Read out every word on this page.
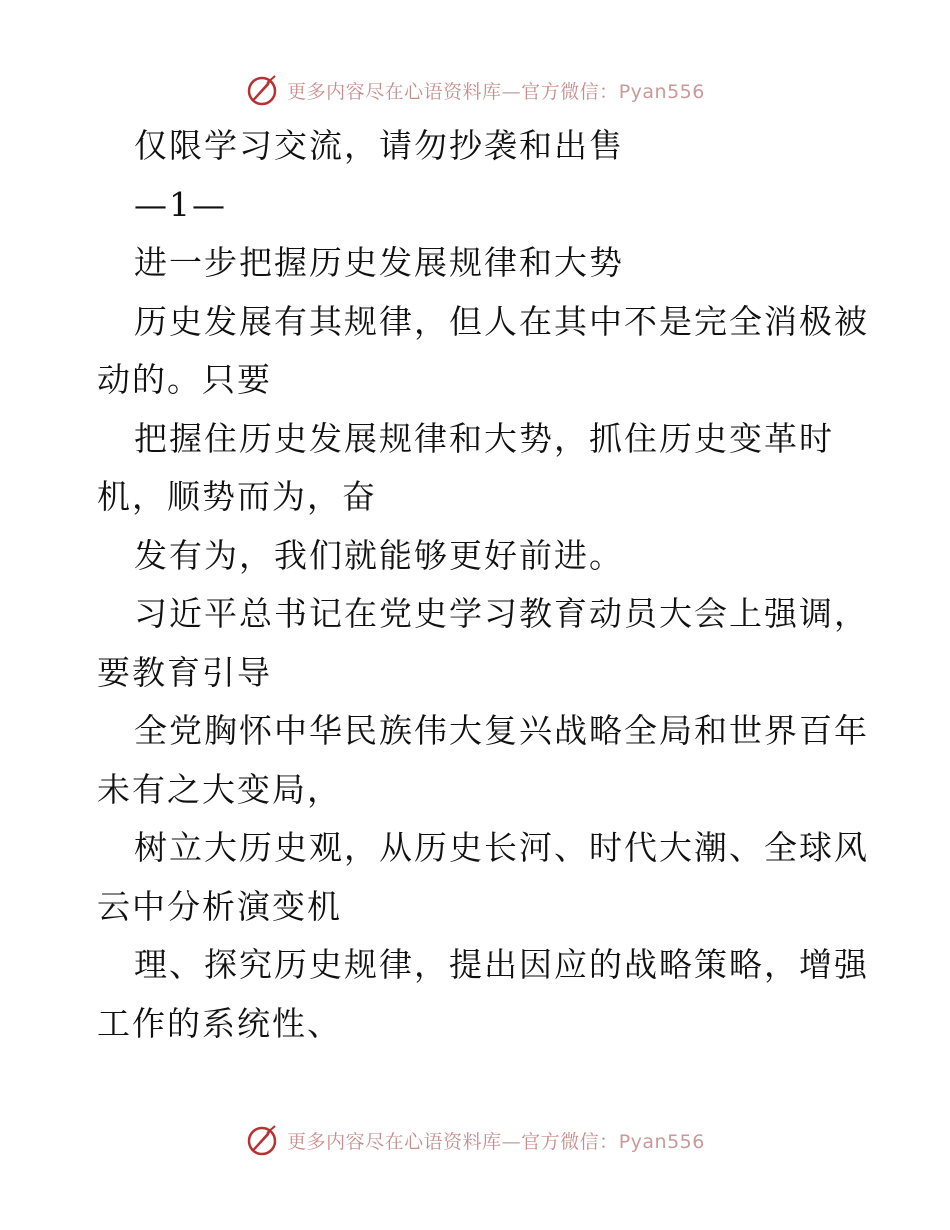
更多内容尽在心语资料库—官方微信：Pyan556
仅限学习交流，请勿抄袭和出售
—1—
进一步把握历史发展规律和大势
历史发展有其规律，但人在其中不是完全消极被
动的。只要
把握住历史发展规律和大势，抓住历史变革时
机，顺势而为，奋
发有为，我们就能够更好前进。
习近平总书记在党史学习教育动员大会上强调，
要教育引导
全党胸怀中华民族伟大复兴战略全局和世界百年
未有之大变局，
树立大历史观，从历史长河、时代大潮、全球风
云中分析演变机
理、探究历史规律，提出因应的战略策略，增强
工作的系统性、
更多内容尽在心语资料库—官方微信：Pyan556
